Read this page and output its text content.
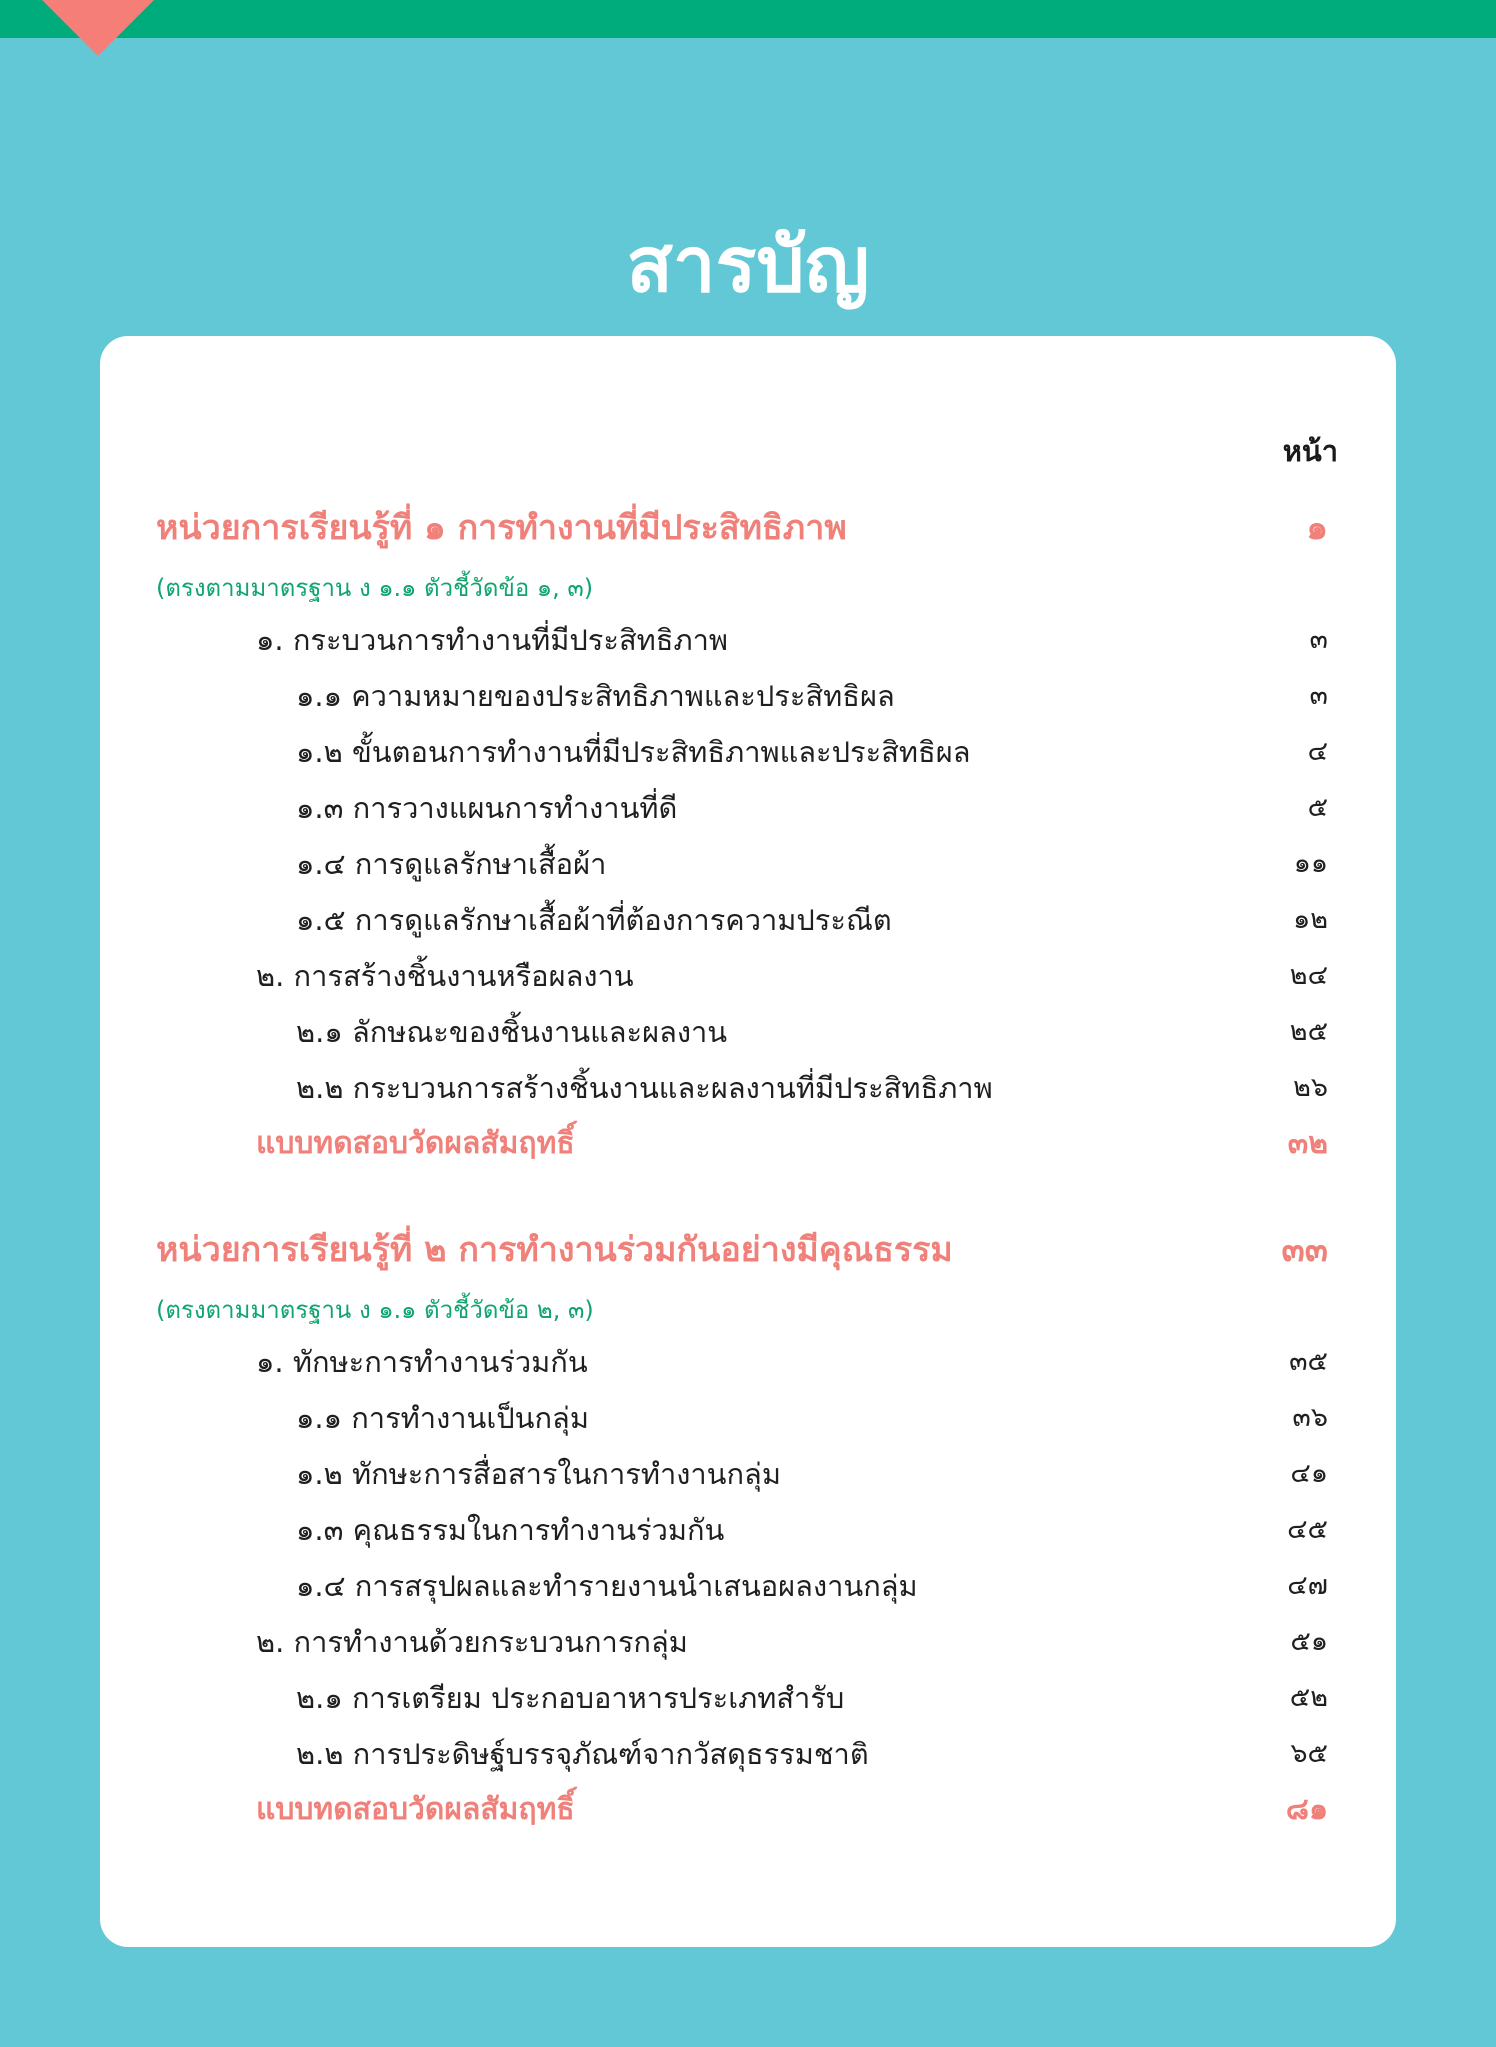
สารบัญ
หน้า
หน่วยการเรียนรู้ที่ ๑ การทำงานที่มีประสิทธิภาพ	๑
(ตรงตามมาตรฐาน ง ๑.๑ ตัวชี้วัดข้อ ๑, ๓)
๑. กระบวนการทำงานที่มีประสิทธิภาพ	๓
๑.๑ ความหมายของประสิทธิภาพและประสิทธิผล	๓
๑.๒ ขั้นตอนการทำงานที่มีประสิทธิภาพและประสิทธิผล	๔
๑.๓ การวางแผนการทำงานที่ดี	๕
๑.๔ การดูแลรักษาเสื้อผ้า	๑๑
๑.๕ การดูแลรักษาเสื้อผ้าที่ต้องการความประณีต	๑๒
๒. การสร้างชิ้นงานหรือผลงาน	๒๔
๒.๑ ลักษณะของชิ้นงานและผลงาน	๒๕
๒.๒ กระบวนการสร้างชิ้นงานและผลงานที่มีประสิทธิภาพ	๒๖
แบบทดสอบวัดผลสัมฤทธิ์	๓๒
หน่วยการเรียนรู้ที่ ๒ การทำงานร่วมกันอย่างมีคุณธรรม	๓๓
(ตรงตามมาตรฐาน ง ๑.๑ ตัวชี้วัดข้อ ๒, ๓)
๑. ทักษะการทำงานร่วมกัน	๓๕
๑.๑ การทำงานเป็นกลุ่ม	๓๖
๑.๒ ทักษะการสื่อสารในการทำงานกลุ่ม	๔๑
๑.๓ คุณธรรมในการทำงานร่วมกัน	๔๕
๑.๔ การสรุปผลและทำรายงานนำเสนอผลงานกลุ่ม	๔๗
๒. การทำงานด้วยกระบวนการกลุ่ม	๕๑
๒.๑ การเตรียม ประกอบอาหารประเภทสำรับ	๕๒
๒.๒ การประดิษฐ์บรรจุภัณฑ์จากวัสดุธรรมชาติ	๖๕
แบบทดสอบวัดผลสัมฤทธิ์	๘๑
